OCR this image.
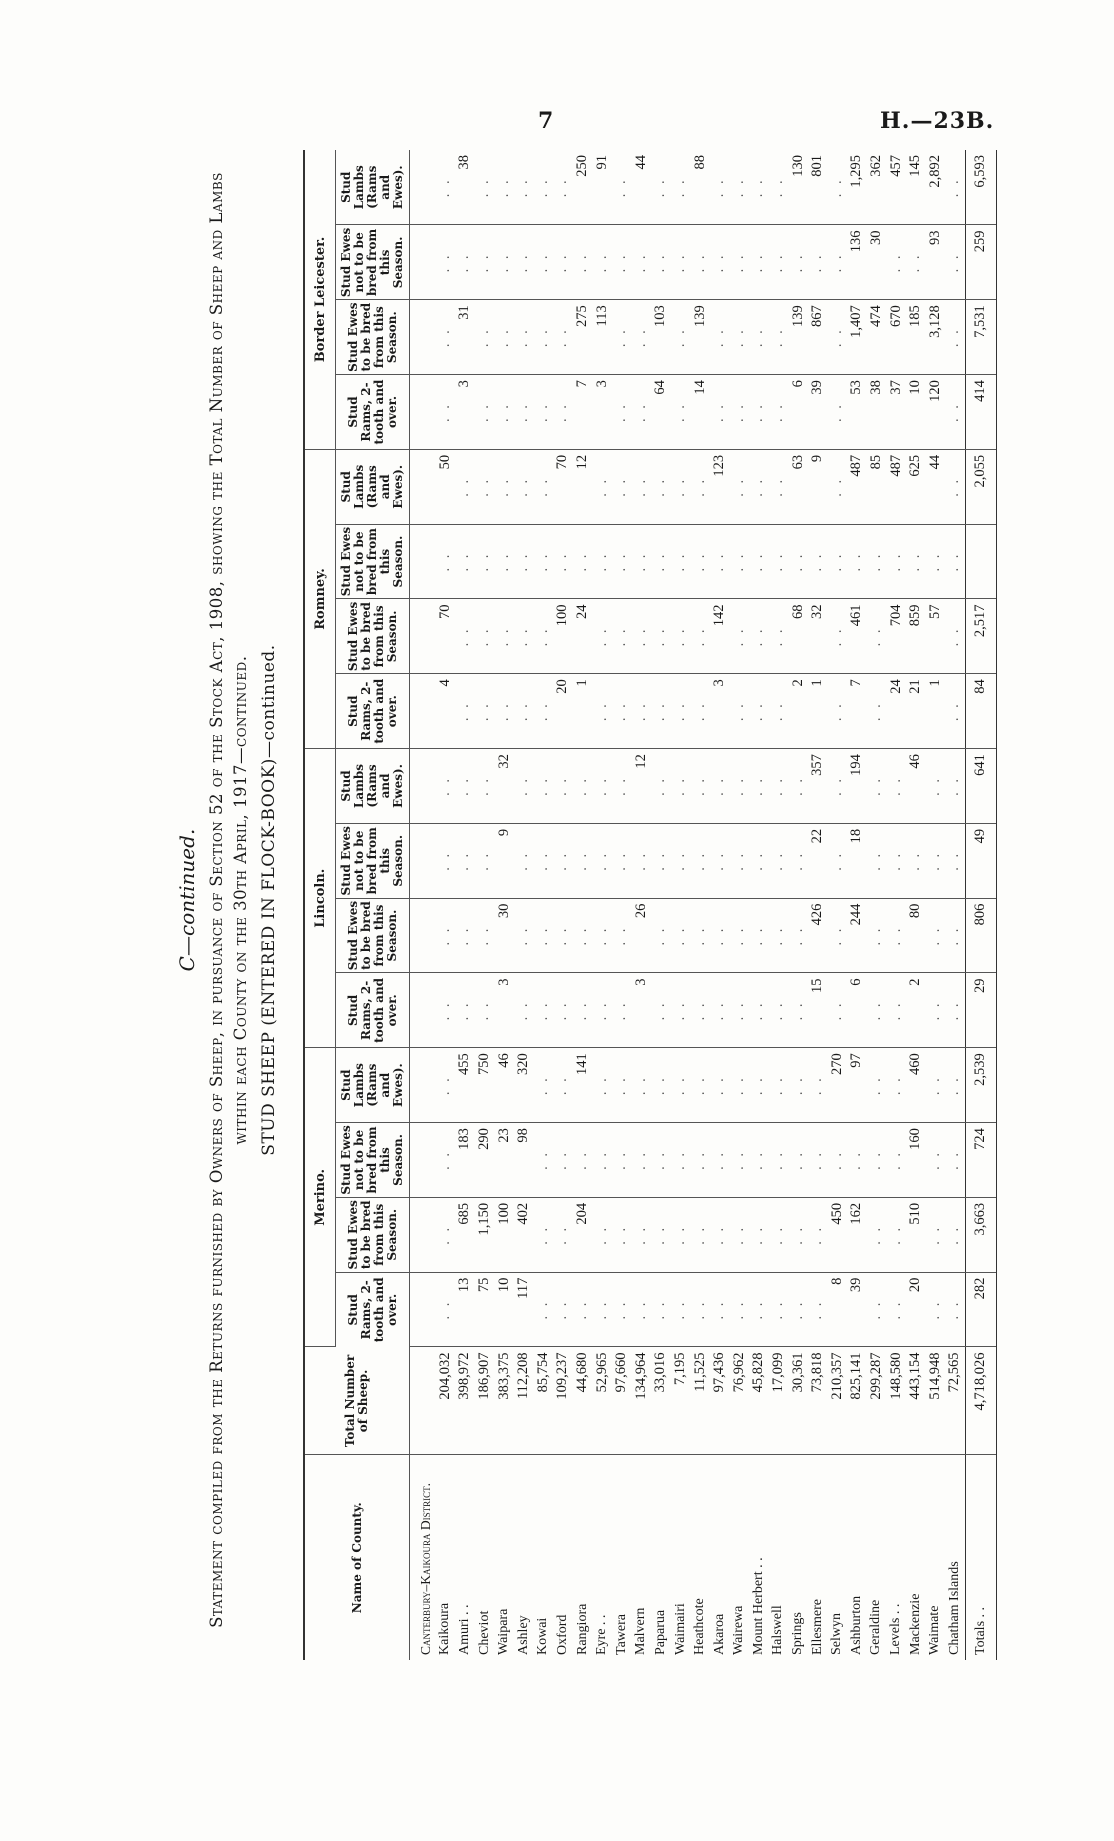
7	H.—23B.
C—continued. Statement compiled from the Returns furnished by Owners of Sheep, in pursuance of Section 52 of the Stock Act, 1908, showing the Total Number of Sheep and Lambs within each County on the 30th April, 1917—continued. STUD SHEEP (ENTERED IN FLOCK-BOOK)—continued.
Name of County.	Total Number of Sheep.	Merino.				Lincoln.				Romney.				Border Leicester.			
		Stud Rams, 2-tooth and over.	Stud Ewes to be bred from this Season.	Stud Ewes not to be bred from this Season.	Stud Lambs (Rams and Ewes).	Stud Rams, 2-tooth and over.	Stud Ewes to be bred from this Season.	Stud Ewes not to be bred from this Season.	Stud Lambs (Rams and Ewes).	Stud Rams, 2-tooth and over.	Stud Ewes to be bred from this Season.	Stud Ewes not to be bred from this Season.	Stud Lambs (Rams and Ewes).	Stud Rams, 2-tooth and over.	Stud Ewes to be bred from this Season.	Stud Ewes not to be bred from this Season.	Stud Lambs (Rams and Ewes).
Canterbury–Kaikoura District.																	
Kaikoura	204,032	. .	. .	. .	. .	. .	. .	. .	. .	4	70	. .	50	. .	. .	. .	. .
Amuri . .	398,972	13	685	183	455	. .	. .	. .	. .	. .	. .	. .	. .	3	31	. .	38
Cheviot	186,907	75	1,150	290	750	. .	. .	. .	. .	. .	. .	. .	. .	. .	. .	. .	. .
Waipara	383,375	10	100	23	46	3	30	9	32	. .	. .	. .	. .	. .	. .	. .	. .
Ashley	112,208	117	402	98	320	. .	. .	. .	. .	. .	. .	. .	. .	. .	. .	. .	. .
Kowai	85,754	. .	. .	. .	. .	. .	. .	. .	. .	. .	. .	. .	. .	. .	. .	. .	. .
Oxford	109,237	. .	. .	. .	. .	. .	. .	. .	. .	20	100	. .	70	. .	. .	. .	. .
Rangiora	44,680	. .	204	. .	141	. .	. .	. .	. .	1	24	. .	12	7	275	. .	250
Eyre . .	52,965	. .	. .	. .	. .	. .	. .	. .	. .	. .	. .	. .	. .	3	113	. .	91
Tawera	97,660	. .	. .	. .	. .	. .	. .	. .	. .	. .	. .	. .	. .	. .	. .	. .	. .
Malvern	134,964	. .	. .	. .	. .	3	26	. .	12	. .	. .	. .	. .	. .	. .	. .	44
Paparua	33,016	. .	. .	. .	. .	. .	. .	. .	. .	. .	. .	. .	. .	64	103	. .	. .
Waimairi	7,195	. .	. .	. .	. .	. .	. .	. .	. .	. .	. .	. .	. .	. .	. .	. .	. .
Heathcote	11,525	. .	. .	. .	. .	. .	. .	. .	. .	. .	. .	. .	. .	14	139	. .	88
Akaroa	97,436	. .	. .	. .	. .	. .	. .	. .	. .	3	142	. .	123	. .	. .	. .	. .
Wairewa	76,962	. .	. .	. .	. .	. .	. .	. .	. .	. .	. .	. .	. .	. .	. .	. .	. .
Mount Herbert . .	45,828	. .	. .	. .	. .	. .	. .	. .	. .	. .	. .	. .	. .	. .	. .	. .	. .
Halswell	17,099	. .	. .	. .	. .	. .	. .	. .	. .	. .	. .	. .	. .	. .	. .	. .	. .
Springs	30,361	. .	. .	. .	. .	. .	. .	. .	. .	2	68	. .	63	6	139	. .	130
Ellesmere	73,818	. .	. .	. .	. .	15	426	22	357	1	32	. .	9	39	867	. .	801
Selwyn	210,357	8	450	. .	270	. .	. .	. .	. .	. .	. .	. .	. .	. .	. .	. .	. .
Ashburton	825,141	39	162	. .	97	6	244	18	194	7	461	. .	487	53	1,407	136	1,295
Geraldine	299,287	. .	. .	. .	. .	. .	. .	. .	. .	. .	. .	. .	85	38	474	30	362
Levels . .	148,580	. .	. .	. .	. .	. .	. .	. .	. .	24	704	. .	487	37	670	. .	457
Mackenzie	443,154	20	510	160	460	2	80	. .	46	21	859	. .	625	10	185	. .	145
Waimate	514,948	. .	. .	. .	. .	. .	. .	. .	. .	1	57	. .	44	120	3,128	93	2,892
Chatham Islands	72,565	. .	. .	. .	. .	. .	. .	. .	. .	. .	. .	. .	. .	. .	. .	. .	. .
Totals . .	4,718,026	282	3,663	724	2,539	29	806	49	641	84	2,517		2,055	414	7,531	259	6,593
